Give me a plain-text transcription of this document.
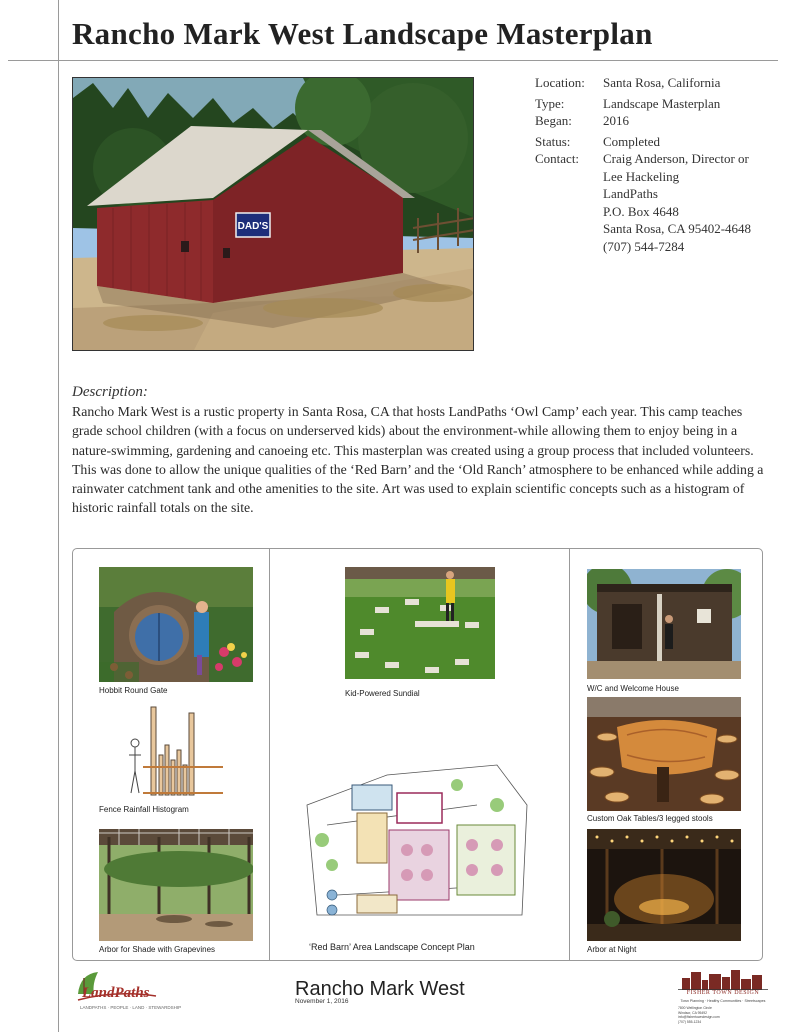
Rancho Mark West Landscape Masterplan
DAD'S
Location:	Santa Rosa, California
Type:	Landscape Masterplan
Began:	2016
Status:	Completed
Contact:	Craig Anderson, Director or
Lee Hackeling
LandPaths
P.O. Box 4648
Santa Rosa, CA 95402-4648
(707) 544-7284
Description:

Rancho Mark West is a rustic property in Santa Rosa, CA that hosts LandPaths ‘Owl Camp’ each year. This camp teaches grade school children (with a focus on underserved kids) about the environment-while allowing them to enjoy being in a nature-swimming, gardening and canoeing etc. This masterplan was created using a group process that included volunteers. This was done to allow the unique qualities of the ‘Red Barn’ and the ‘Old Ranch’ atmosphere to be enhanced while adding a rainwater catchment tank and othe amenities to the site. Art was used to explain scientific concepts such as a histogram of historic rainfall totals on the site.

Hobbit Round Gate
Fence Rainfall Histogram
Arbor for Shade with Grapevines
Kid-Powered Sundial
‘Red Barn’ Area Landscape Concept Plan
W/C and Welcome House
Custom Oak Tables/3 legged stools
Arbor at Night
LandPaths
LANDPATHS · PEOPLE · LAND · STEWARDSHIP
Rancho Mark West
November 1, 2016
FISHER TOWN DESIGN
Town Planning · Healthy Communities · Streetscapes
7800 Wellington Circle
Windsor, CA 95492
info@fishertowndesign.com
(707) 555-1234
